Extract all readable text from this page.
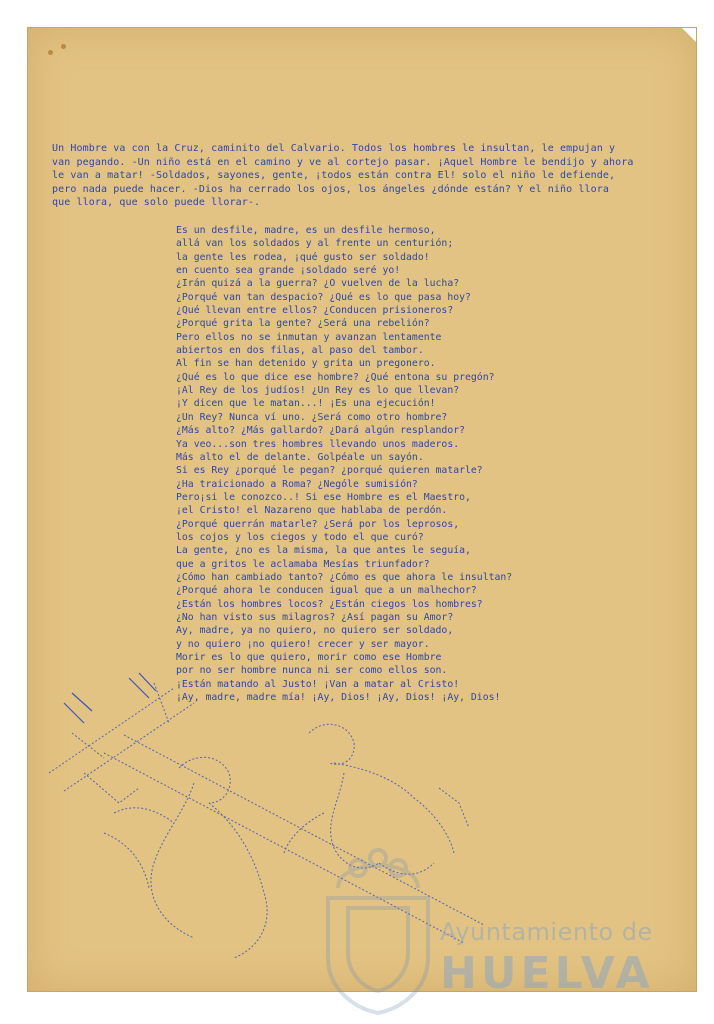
Un Hombre va con la Cruz, caminito del Calvario. Todos los hombres le insultan, le empujan y
van pegando. -Un niño está en el camino y ve al cortejo pasar. ¡Aquel Hombre le bendijo y ahora
le van a matar! -Soldados, sayones, gente, ¡todos están contra El! solo el niño le defiende,
pero nada puede hacer. -Dios ha cerrado los ojos, los ángeles ¿dónde están? Y el niño llora
que llora, que solo puede llorar-.
Es un desfile, madre, es un desfile hermoso,
allá van los soldados y al frente un centurión;
la gente les rodea, ¡qué gusto ser soldado!
en cuento sea grande ¡soldado seré yo!
¿Irán quizá a la guerra? ¿O vuelven de la lucha?
¿Porqué van tan despacio? ¿Qué es lo que pasa hoy?
¿Qué llevan entre ellos? ¿Conducen prisioneros?
¿Porqué grita la gente? ¿Será una rebelión?
Pero ellos no se inmutan y avanzan lentamente
abiertos en dos filas, al paso del tambor.
Al fin se han detenido y grita un pregonero.
¿Qué es lo que dice ese hombre? ¿Qué entona su pregón?
¡Al Rey de los judíos! ¿Un Rey es lo que llevan?
¡Y dicen que le matan...! ¡Es una ejecución!
¿Un Rey? Nunca ví uno. ¿Será como otro hombre?
¿Más alto? ¿Más gallardo? ¿Dará algún resplandor?
Ya veo...son tres hombres llevando unos maderos.
Más alto el de delante. Golpéale un sayón.
Si es Rey ¿porqué le pegan? ¿porqué quieren matarle?
¿Ha traicionado a Roma? ¿Nególe sumisión?
Pero¡si le conozco..! Si ese Hombre es el Maestro,
¡el Cristo! el Nazareno que hablaba de perdón.
¿Porqué querrán matarle? ¿Será por los leprosos,
los cojos y los ciegos y todo el que curó?
La gente, ¿no es la misma, la que antes le seguía,
que a gritos le aclamaba Mesías triunfador?
¿Cómo han cambiado tanto? ¿Cómo es que ahora le insultan?
¿Porqué ahora le conducen igual que a un malhechor?
¿Están los hombres locos? ¿Están ciegos los hombres?
¿No han visto sus milagros? ¿Así pagan su Amor?
Ay, madre, ya no quiero, no quiero ser soldado,
y no quiero ¡no quiero! crecer y ser mayor.
Morir es lo que quiero, morir como ese Hombre
por no ser hombre nunca ni ser como ellos son.
¡Están matando al Justo! ¡Van a matar al Cristo!
¡Ay, madre, madre mía! ¡Ay, Dios! ¡Ay, Dios! ¡Ay, Dios!
Ayuntamiento de
HUELVA
